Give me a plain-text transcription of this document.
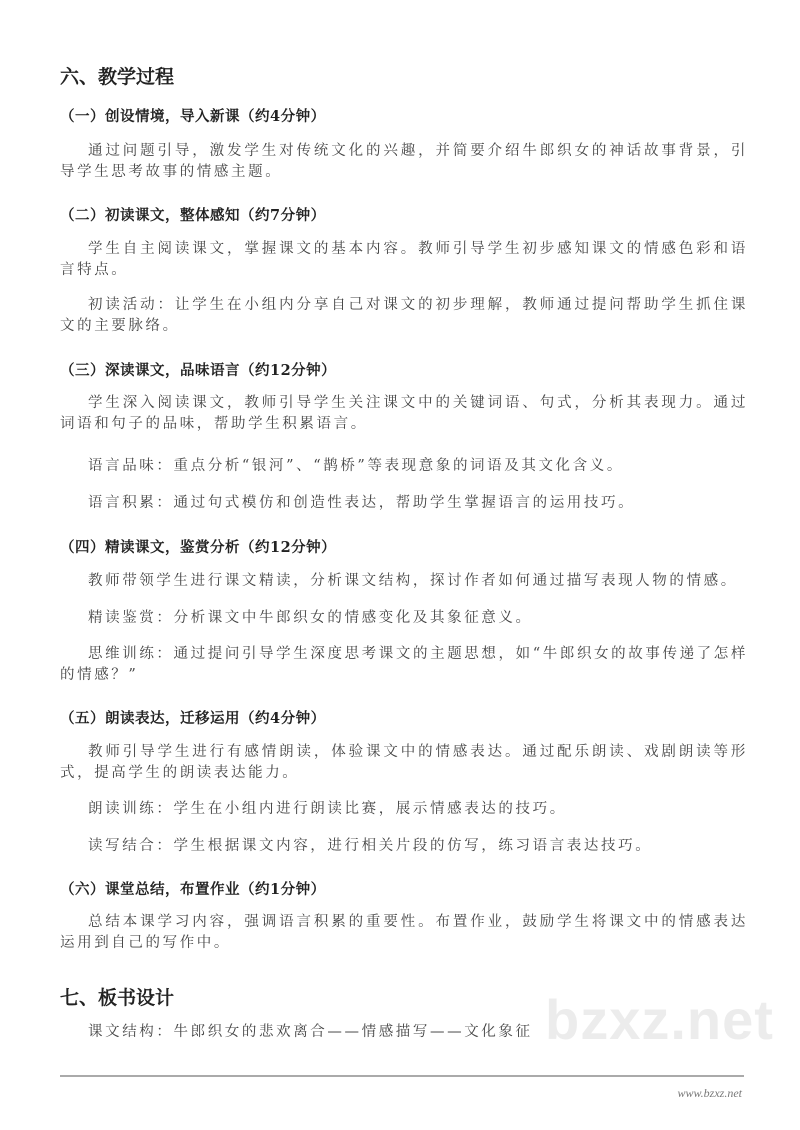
六、教学过程
（一）创设情境，导入新课（约4分钟）
通过问题引导，激发学生对传统文化的兴趣，并简要介绍牛郎织女的神话故事背景，引导学生思考故事的情感主题。
（二）初读课文，整体感知（约7分钟）
学生自主阅读课文，掌握课文的基本内容。教师引导学生初步感知课文的情感色彩和语言特点。
初读活动：让学生在小组内分享自己对课文的初步理解，教师通过提问帮助学生抓住课文的主要脉络。
（三）深读课文，品味语言（约12分钟）
学生深入阅读课文，教师引导学生关注课文中的关键词语、句式，分析其表现力。通过词语和句子的品味，帮助学生积累语言。
语言品味：重点分析“银河”、“鹊桥”等表现意象的词语及其文化含义。
语言积累：通过句式模仿和创造性表达，帮助学生掌握语言的运用技巧。
（四）精读课文，鉴赏分析（约12分钟）
教师带领学生进行课文精读，分析课文结构，探讨作者如何通过描写表现人物的情感。
精读鉴赏：分析课文中牛郎织女的情感变化及其象征意义。
思维训练：通过提问引导学生深度思考课文的主题思想，如“牛郎织女的故事传递了怎样的情感？”
（五）朗读表达，迁移运用（约4分钟）
教师引导学生进行有感情朗读，体验课文中的情感表达。通过配乐朗读、戏剧朗读等形式，提高学生的朗读表达能力。
朗读训练：学生在小组内进行朗读比赛，展示情感表达的技巧。
读写结合：学生根据课文内容，进行相关片段的仿写，练习语言表达技巧。
（六）课堂总结，布置作业（约1分钟）
总结本课学习内容，强调语言积累的重要性。布置作业，鼓励学生将课文中的情感表达运用到自己的写作中。
七、板书设计
课文结构：牛郎织女的悲欢离合——情感描写——文化象征 bzxz.net
www.bzxz.net
